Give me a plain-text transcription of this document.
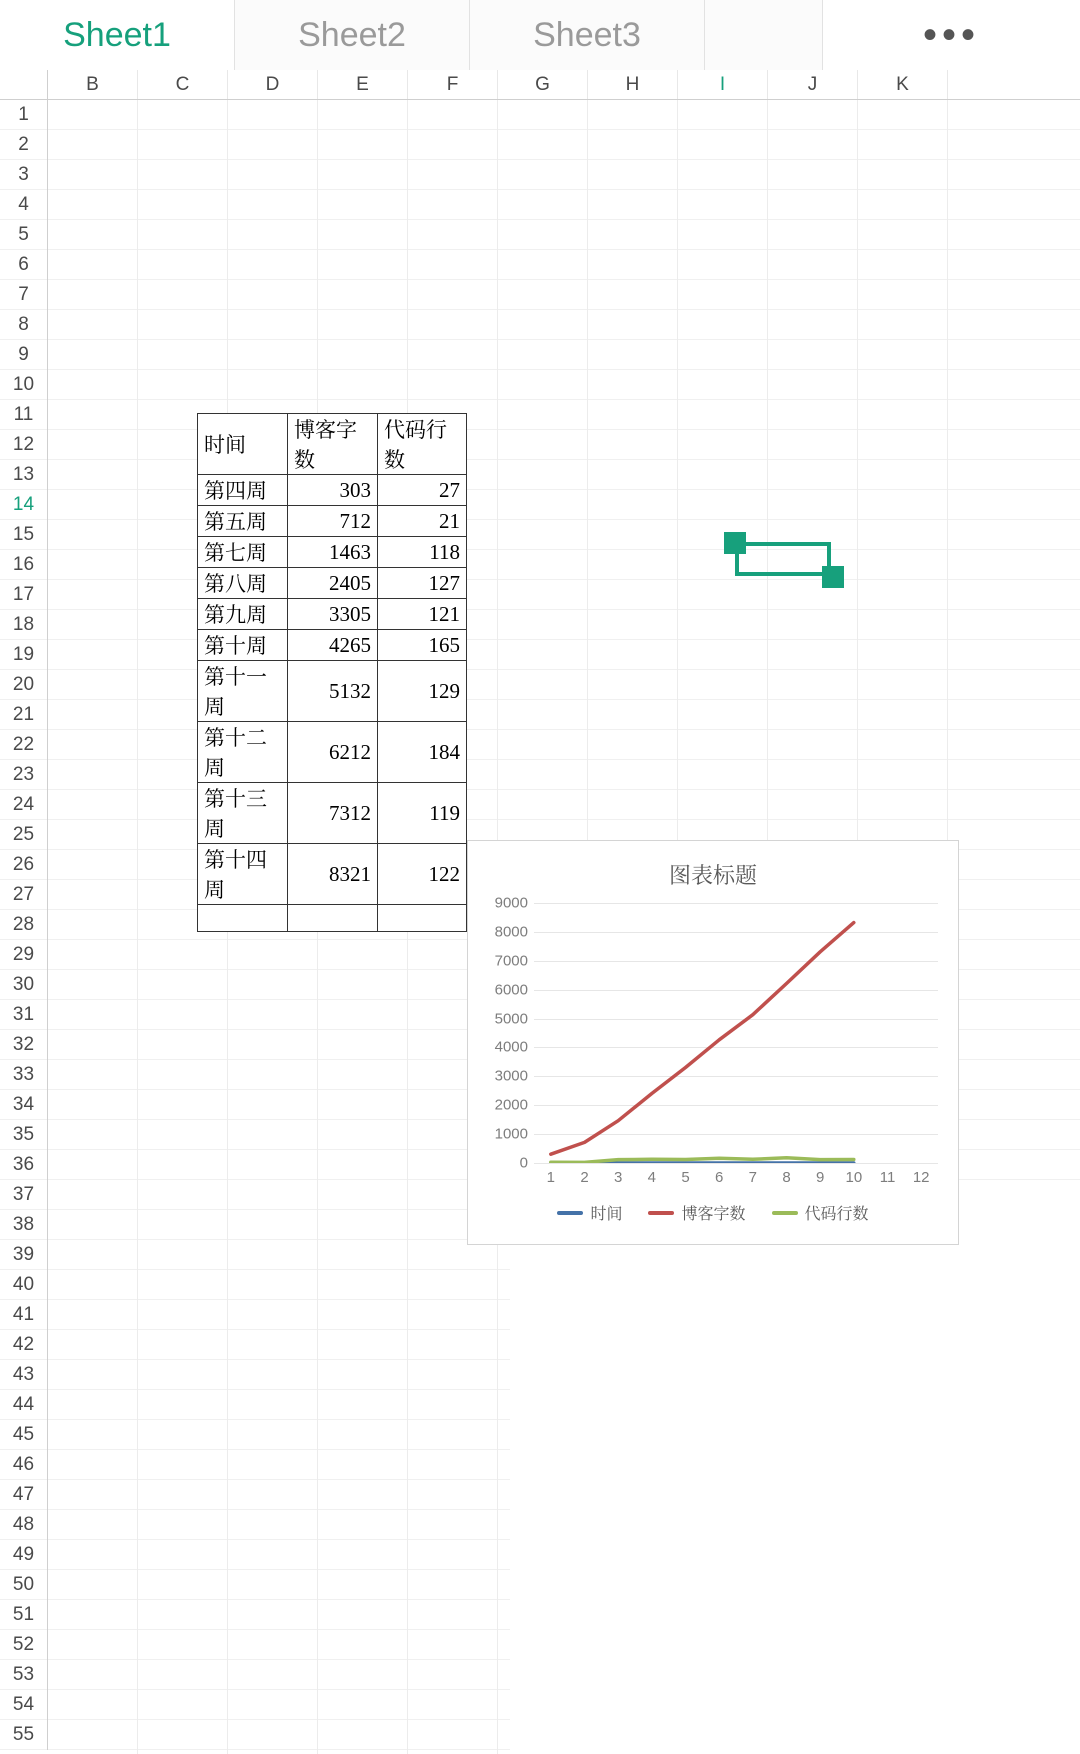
Sheet1	Sheet2	Sheet3	•••
B	C	D	E	F	G	H	I	J	K
1
2
3
4
5
6
7
8
9
10
11
12
13
14
15
16
17
18
19
20
21
22
23
24
25
26
27
28
29
30
31
32
33
34
35
36
37
38
39
40
41
42
43
44
45
46
47
48
49
50
51
52
53
54
55
时间	博客字数	代码行数
第四周	303	27
第五周	712	21
第七周	1463	118
第八周	2405	127
第九周	3305	121
第十周	4265	165
第十一周	5132	129
第十二周	6212	184
第十三周	7312	119
第十四周	8321	122
			图表标题
0
1000
2000
3000
4000
5000
6000
7000
8000
9000
1 2 3 4 5 6 7 8 9 10 11 12
时间	博客字数	代码行数
